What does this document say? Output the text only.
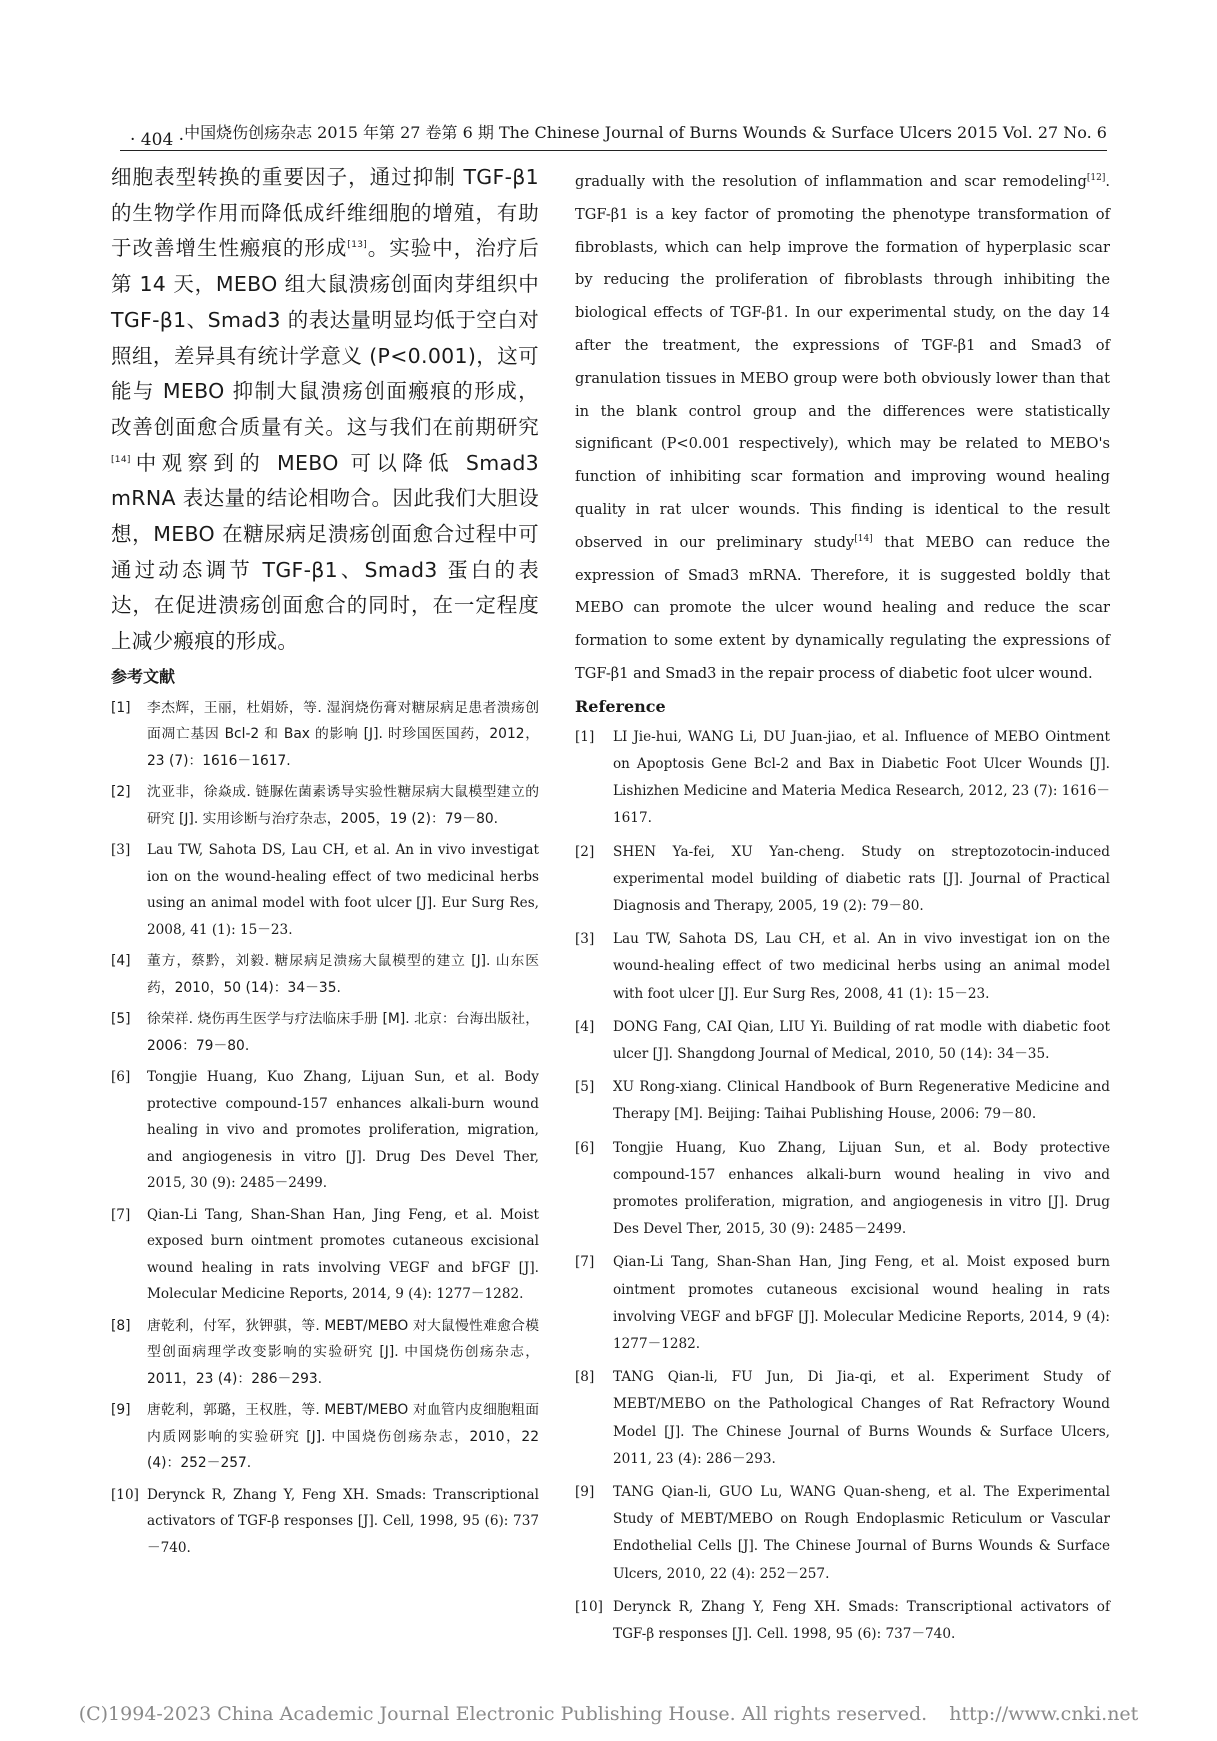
· 404 · 中国烧伤创疡杂志 2015 年第 27 卷第 6 期 The Chinese Journal of Burns Wounds & Surface Ulcers 2015 Vol. 27 No. 6

细胞表型转换的重要因子，通过抑制 TGF-β1 的生物学作用而降低成纤维细胞的增殖，有助于改善增生性瘢痕的形成[13]。实验中，治疗后第 14 天，MEBO 组大鼠溃疡创面肉芽组织中 TGF-β1、Smad3 的表达量明显均低于空白对照组，差异具有统计学意义 (P<0.001)，这可能与 MEBO 抑制大鼠溃疡创面瘢痕的形成，改善创面愈合质量有关。这与我们在前期研究[14]中观察到的 MEBO 可以降低 Smad3 mRNA 表达量的结论相吻合。因此我们大胆设想，MEBO 在糖尿病足溃疡创面愈合过程中可通过动态调节 TGF-β1、Smad3 蛋白的表达，在促进溃疡创面愈合的同时，在一定程度上减少瘢痕的形成。

参考文献
[1] 李杰辉，王丽，杜娟娇，等. 湿润烧伤膏对糖尿病足患者溃疡创面凋亡基因 Bcl-2 和 Bax 的影响 [J]. 时珍国医国药，2012，23 (7)：1616－1617.
[2] 沈亚非，徐焱成. 链脲佐菌素诱导实验性糖尿病大鼠模型建立的研究 [J]. 实用诊断与治疗杂志，2005，19 (2)：79－80.
[3] Lau TW, Sahota DS, Lau CH, et al. An in vivo investigat ion on the wound-healing effect of two medicinal herbs using an animal model with foot ulcer [J]. Eur Surg Res, 2008, 41 (1): 15－23.
[4] 董方，蔡黔，刘毅. 糖尿病足溃疡大鼠模型的建立 [J]. 山东医药，2010，50 (14)：34－35.
[5] 徐荣祥. 烧伤再生医学与疗法临床手册 [M]. 北京：台海出版社，2006：79－80.
[6] Tongjie Huang, Kuo Zhang, Lijuan Sun, et al. Body protective compound-157 enhances alkali-burn wound healing in vivo and promotes proliferation, migration, and angiogenesis in vitro [J]. Drug Des Devel Ther, 2015, 30 (9): 2485－2499.
[7] Qian-Li Tang, Shan-Shan Han, Jing Feng, et al. Moist exposed burn ointment promotes cutaneous excisional wound healing in rats involving VEGF and bFGF [J]. Molecular Medicine Reports, 2014, 9 (4): 1277－1282.
[8] 唐乾利，付军，狄钾骐，等. MEBT/MEBO 对大鼠慢性难愈合模型创面病理学改变影响的实验研究 [J]. 中国烧伤创疡杂志，2011，23 (4)：286－293.
[9] 唐乾利，郭璐，王权胜，等. MEBT/MEBO 对血管内皮细胞粗面内质网影响的实验研究 [J]. 中国烧伤创疡杂志，2010，22 (4)：252－257.
[10] Derynck R, Zhang Y, Feng XH. Smads: Transcriptional activators of TGF-β responses [J]. Cell, 1998, 95 (6): 737－740.

gradually with the resolution of inflammation and scar remodeling[12]. TGF-β1 is a key factor of promoting the phenotype transformation of fibroblasts, which can help improve the formation of hyperplasic scar by reducing the proliferation of fibroblasts through inhibiting the biological effects of TGF-β1. In our experimental study, on the day 14 after the treatment, the expressions of TGF-β1 and Smad3 of granulation tissues in MEBO group were both obviously lower than that in the blank control group and the differences were statistically significant (P<0.001 respectively), which may be related to MEBO's function of inhibiting scar formation and improving wound healing quality in rat ulcer wounds. This finding is identical to the result observed in our preliminary study[14] that MEBO can reduce the expression of Smad3 mRNA. Therefore, it is suggested boldly that MEBO can promote the ulcer wound healing and reduce the scar formation to some extent by dynamically regulating the expressions of TGF-β1 and Smad3 in the repair process of diabetic foot ulcer wound.

Reference
[1] LI Jie-hui, WANG Li, DU Juan-jiao, et al. Influence of MEBO Ointment on Apoptosis Gene Bcl-2 and Bax in Diabetic Foot Ulcer Wounds [J]. Lishizhen Medicine and Materia Medica Research, 2012, 23 (7): 1616－1617.
[2] SHEN Ya-fei, XU Yan-cheng. Study on streptozotocin-induced experimental model building of diabetic rats [J]. Journal of Practical Diagnosis and Therapy, 2005, 19 (2): 79－80.
[3] Lau TW, Sahota DS, Lau CH, et al. An in vivo investigat ion on the wound-healing effect of two medicinal herbs using an animal model with foot ulcer [J]. Eur Surg Res, 2008, 41 (1): 15－23.
[4] DONG Fang, CAI Qian, LIU Yi. Building of rat modle with diabetic foot ulcer [J]. Shangdong Journal of Medical, 2010, 50 (14): 34－35.
[5] XU Rong-xiang. Clinical Handbook of Burn Regenerative Medicine and Therapy [M]. Beijing: Taihai Publishing House, 2006: 79－80.
[6] Tongjie Huang, Kuo Zhang, Lijuan Sun, et al. Body protective compound-157 enhances alkali-burn wound healing in vivo and promotes proliferation, migration, and angiogenesis in vitro [J]. Drug Des Devel Ther, 2015, 30 (9): 2485－2499.
[7] Qian-Li Tang, Shan-Shan Han, Jing Feng, et al. Moist exposed burn ointment promotes cutaneous excisional wound healing in rats involving VEGF and bFGF [J]. Molecular Medicine Reports, 2014, 9 (4): 1277－1282.
[8] TANG Qian-li, FU Jun, Di Jia-qi, et al. Experiment Study of MEBT/MEBO on the Pathological Changes of Rat Refractory Wound Model [J]. The Chinese Journal of Burns Wounds & Surface Ulcers, 2011, 23 (4): 286－293.
[9] TANG Qian-li, GUO Lu, WANG Quan-sheng, et al. The Experimental Study of MEBT/MEBO on Rough Endoplasmic Reticulum or Vascular Endothelial Cells [J]. The Chinese Journal of Burns Wounds & Surface Ulcers, 2010, 22 (4): 252－257.
[10] Derynck R, Zhang Y, Feng XH. Smads: Transcriptional activators of TGF-β responses [J]. Cell. 1998, 95 (6): 737－740.
(C)1994-2023 China Academic Journal Electronic Publishing House. All rights reserved. http://www.cnki.net
